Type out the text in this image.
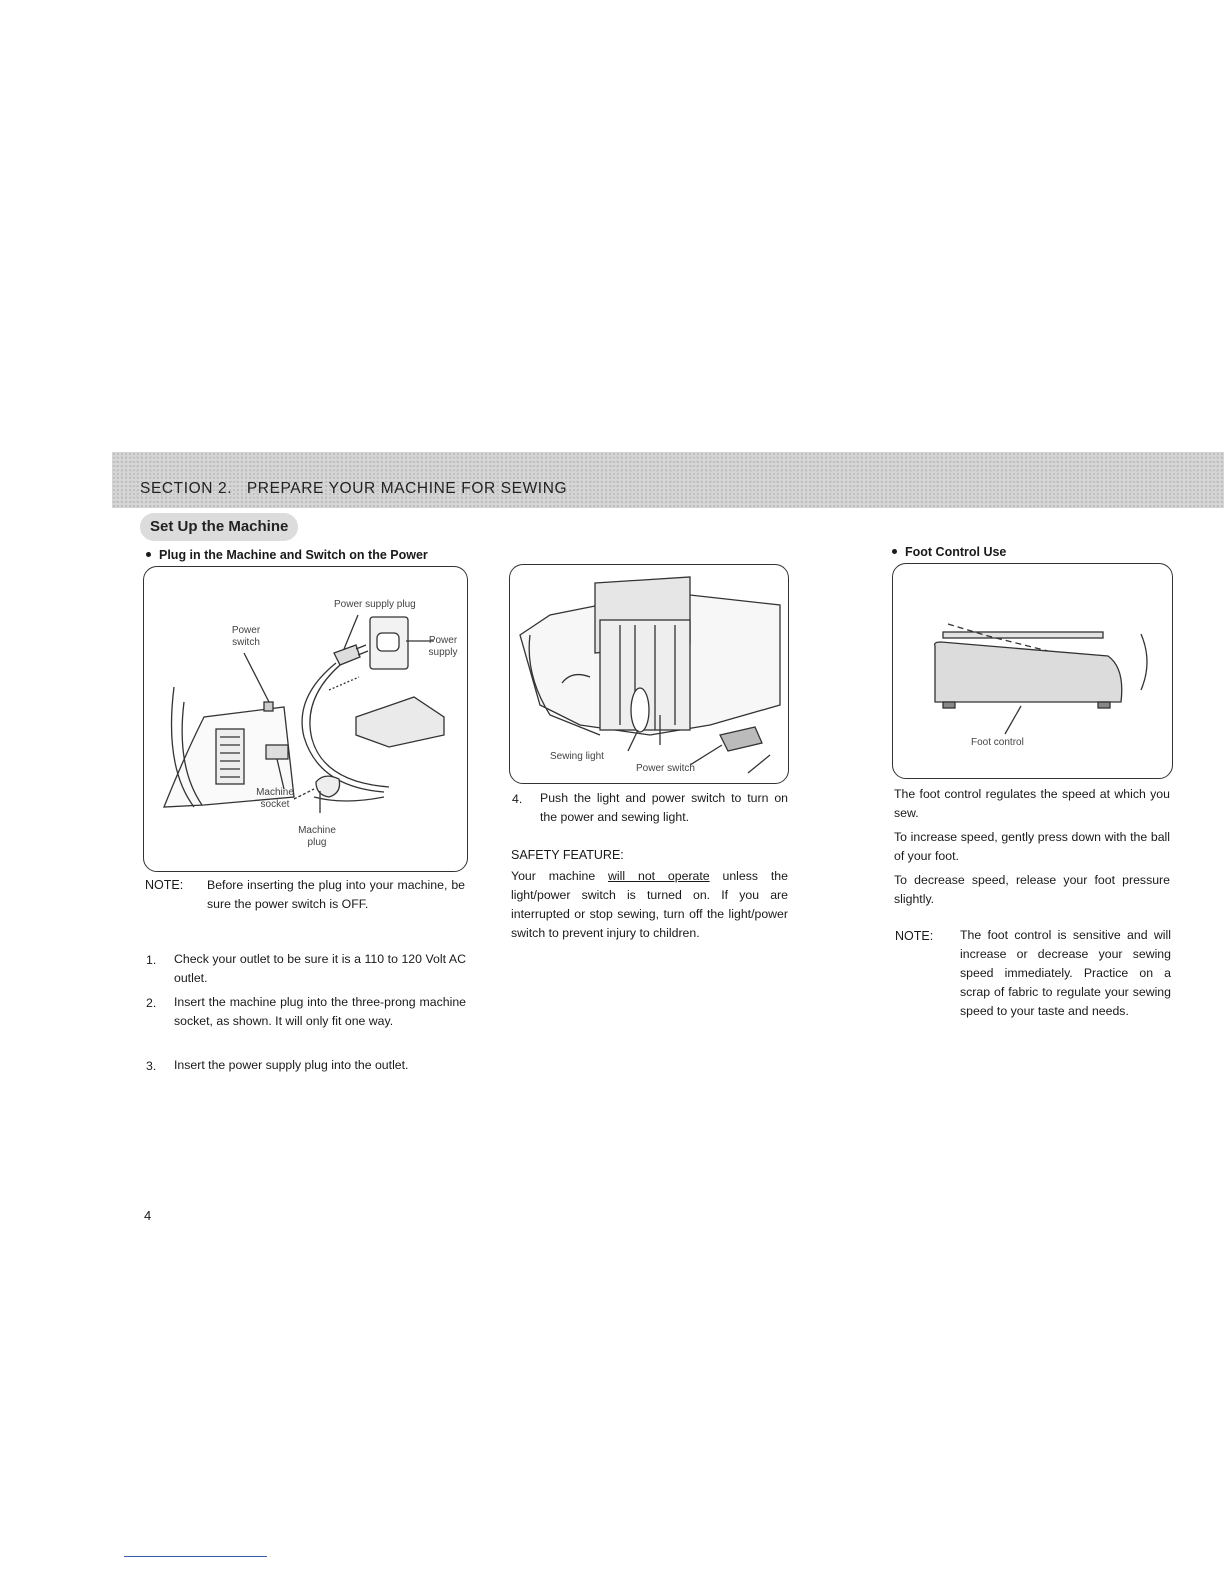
SECTION 2.   PREPARE YOUR MACHINE FOR SEWING
Set Up the Machine
Plug in the Machine and Switch on the Power
Power supply plug
Power switch	Power supply
Machine socket
Machine plug
NOTE: Before inserting the plug into your machine, be sure the power switch is OFF.
1. Check your outlet to be sure it is a 110 to 120 Volt AC outlet.
2. Insert the machine plug into the three-prong machine socket, as shown. It will only fit one way.
3. Insert the power supply plug into the outlet.
Sewing light
Power switch
4. Push the light and power switch to turn on the power and sewing light.
SAFETY FEATURE:
Your machine will not operate unless the light/power switch is turned on. If you are interrupted or stop sewing, turn off the light/power switch to prevent injury to children.
Foot Control Use
Foot control
The foot control regulates the speed at which you sew.
To increase speed, gently press down with the ball of your foot.
To decrease speed, release your foot pressure slightly.
NOTE: The foot control is sensitive and will increase or decrease your sewing speed immediately. Practice on a scrap of fabric to regulate your sewing speed to your taste and needs.
4
